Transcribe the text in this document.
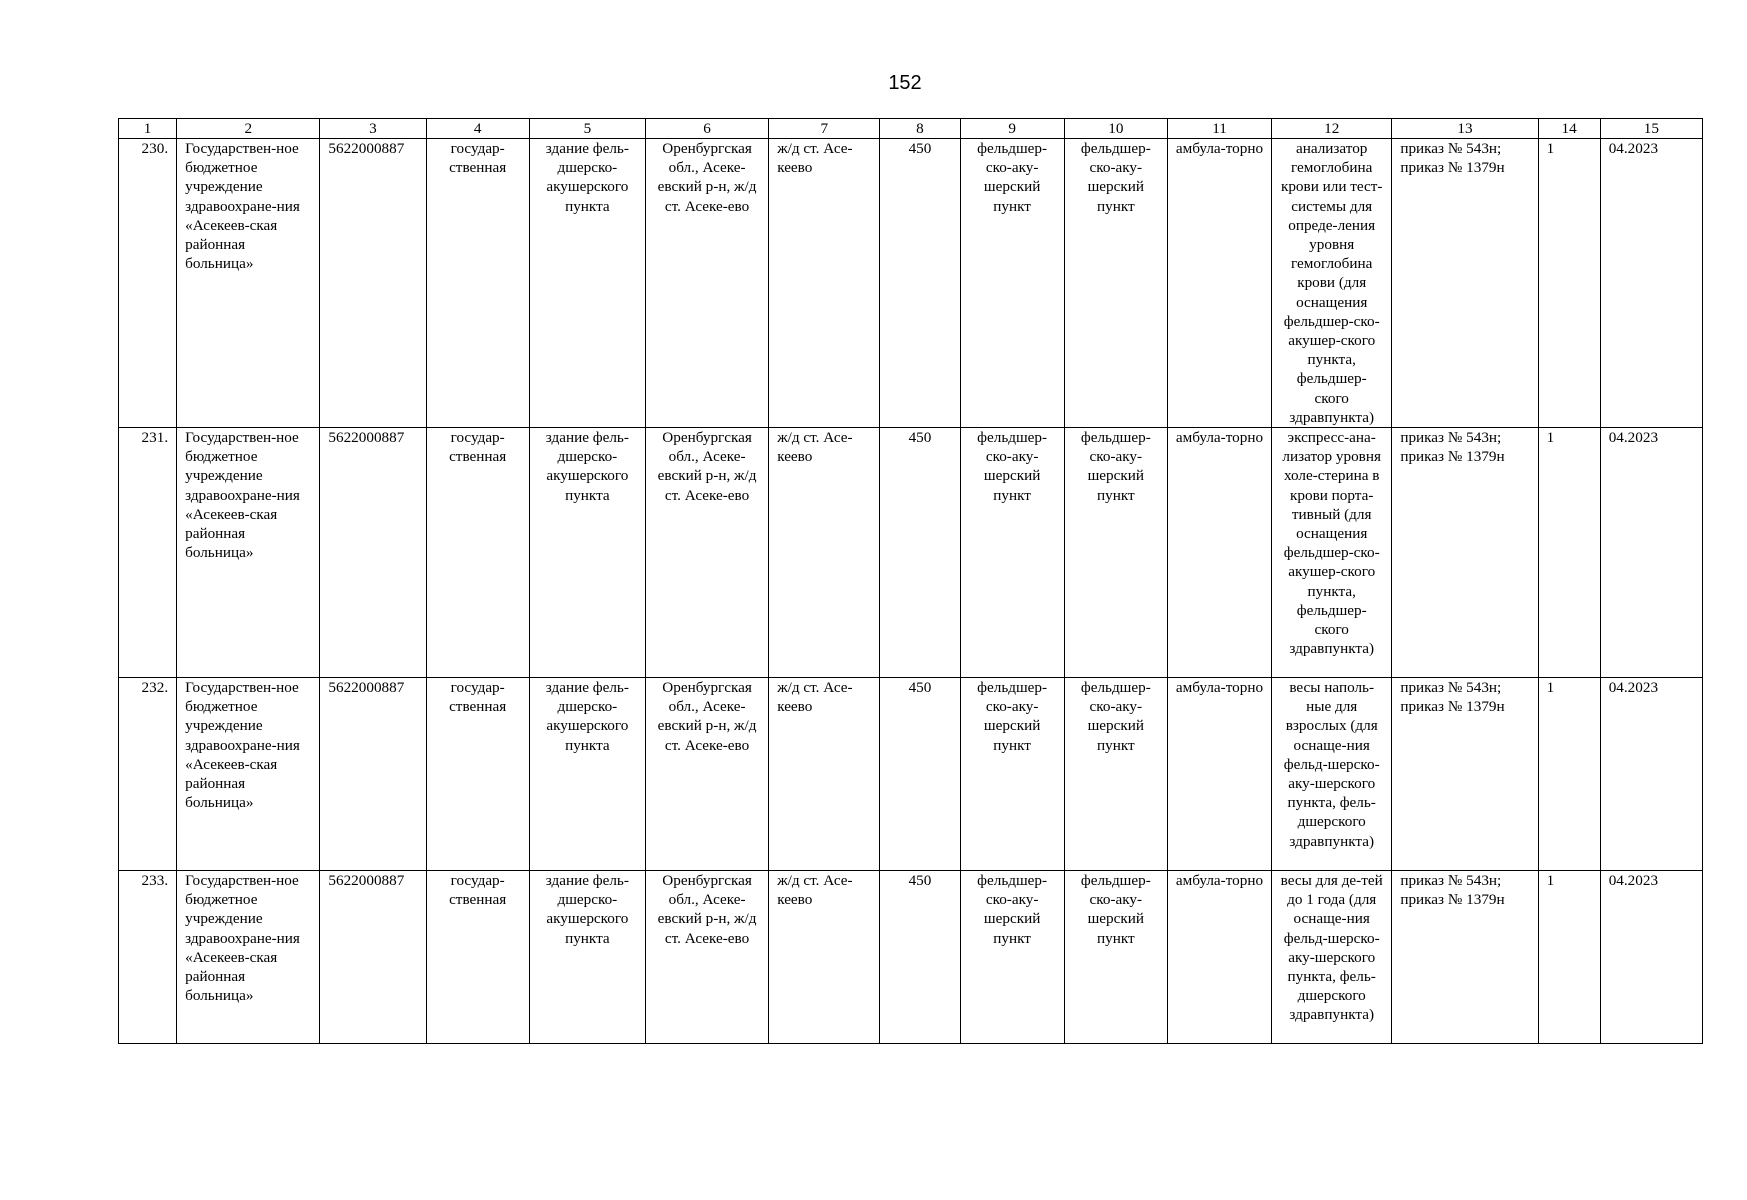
152
1	2	3	4	5	6	7	8	9	10	11	12	13	14	15
230.	Государствен-ное бюджетное учреждение здравоохране-ния «Асекеев-ская районная больница»	5622000887	государ-ственная	здание фель-дшерско-акушерского пункта	Оренбургская обл., Асеке-евский р-н, ж/д ст. Асеке-ево	ж/д ст. Асе-кеево	450	фельдшер-ско-аку-шерский пункт	фельдшер-ско-аку-шерский пункт	амбула-торно	анализатор гемоглобина крови или тест-системы для опреде-ления уровня гемоглобина крови (для оснащения фельдшер-ско-акушер-ского пункта, фельдшер-ского здравпункта)	приказ № 543н; приказ № 1379н	1	04.2023
231.	Государствен-ное бюджетное учреждение здравоохране-ния «Асекеев-ская районная больница»	5622000887	государ-ственная	здание фель-дшерско-акушерского пункта	Оренбургская обл., Асеке-евский р-н, ж/д ст. Асеке-ево	ж/д ст. Асе-кеево	450	фельдшер-ско-аку-шерский пункт	фельдшер-ско-аку-шерский пункт	амбула-торно	экспресс-ана-лизатор уровня холе-стерина в крови порта-тивный (для оснащения фельдшер-ско-акушер-ского пункта, фельдшер-ского здравпункта)	приказ № 543н; приказ № 1379н	1	04.2023
232.	Государствен-ное бюджетное учреждение здравоохране-ния «Асекеев-ская районная больница»	5622000887	государ-ственная	здание фель-дшерско-акушерского пункта	Оренбургская обл., Асеке-евский р-н, ж/д ст. Асеке-ево	ж/д ст. Асе-кеево	450	фельдшер-ско-аку-шерский пункт	фельдшер-ско-аку-шерский пункт	амбула-торно	весы наполь-ные для взрослых (для оснаще-ния фельд-шерско-аку-шерского пункта, фель-дшерского здравпункта)	приказ № 543н; приказ № 1379н	1	04.2023
233.	Государствен-ное бюджетное учреждение здравоохране-ния «Асекеев-ская районная больница»	5622000887	государ-ственная	здание фель-дшерско-акушерского пункта	Оренбургская обл., Асеке-евский р-н, ж/д ст. Асеке-ево	ж/д ст. Асе-кеево	450	фельдшер-ско-аку-шерский пункт	фельдшер-ско-аку-шерский пункт	амбула-торно	весы для де-тей до 1 года (для оснаще-ния фельд-шерско-аку-шерского пункта, фель-дшерского здравпункта)	приказ № 543н; приказ № 1379н	1	04.2023
